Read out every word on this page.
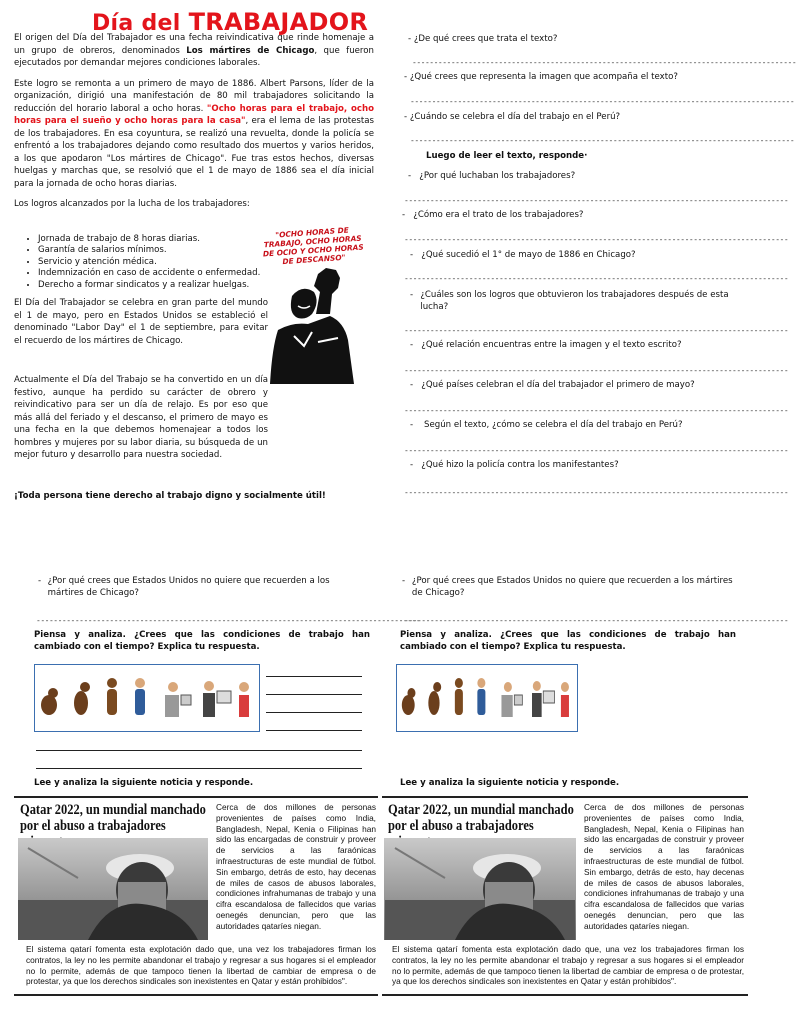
Día del TRABAJADOR

El origen del Día del Trabajador es una fecha reivindicativa que rinde homenaje a un grupo de obreros, denominados Los mártires de Chicago, que fueron ejecutados por demandar mejores condiciones laborales.

Este logro se remonta a un primero de mayo de 1886. Albert Parsons, líder de la organización, dirigió una manifestación de 80 mil trabajadores solicitando la reducción del horario laboral a ocho horas. "Ocho horas para el trabajo, ocho horas para el sueño y ocho horas para la casa", era el lema de las protestas de los trabajadores. En esa coyuntura, se realizó una revuelta, donde la policía se enfrentó a los trabajadores dejando como resultado dos muertos y varios heridos, a los que apodaron "Los mártires de Chicago". Fue tras estos hechos, diversas huelgas y marchas que, se resolvió que el 1 de mayo de 1886 sea el día inicial para la jornada de ocho horas diarias.

Los logros alcanzados por la lucha de los trabajadores:

• Jornada de trabajo de 8 horas diarias.
• Garantía de salarios mínimos.
• Servicio y atención médica.
• Indemnización en caso de accidente o enfermedad.
• Derecho a formar sindicatos y a realizar huelgas.

El Día del Trabajador se celebra en gran parte del mundo el 1 de mayo, pero en Estados Unidos se estableció el denominado "Labor Day" el 1 de septiembre, para evitar el recuerdo de los mártires de Chicago.

Actualmente el Día del Trabajo se ha convertido en un día festivo, aunque ha perdido su carácter de obrero y reivindicativo para ser un día de relajo. Es por eso que más allá del feriado y el descanso, el primero de mayo es una fecha en la que debemos homenajear a todos los hombres y mujeres por su labor diaria, su búsqueda de un mejor futuro y desarrollo para nuestra sociedad.

¡Toda persona tiene derecho al trabajo digno y socialmente útil!

"OCHO HORAS DE TRABAJO, OCHO HORAS DE OCIO Y OCHO HORAS DE DESCANSO"
- ¿De qué crees que trata el texto?
-----------------------------------------------------------------------------------------
- ¿Qué crees que representa la imagen que acompaña el texto?
-----------------------------------------------------------------------------------------
- ¿Cuándo se celebra el día del trabajo en el Perú?
-----------------------------------------------------------------------------------------
Luego de leer el texto, responde·
-   ¿Por qué luchaban los trabajadores?
-----------------------------------------------------------------------------------------
-   ¿Cómo era el trato de los trabajadores?
-----------------------------------------------------------------------------------------
-   ¿Qué sucedió el 1° de mayo de 1886 en Chicago?
-----------------------------------------------------------------------------------------
-
¿Cuáles son los logros que obtuvieron los trabajadores después de esta lucha?
-----------------------------------------------------------------------------------------
-   ¿Qué relación encuentras entre la imagen y el texto escrito?
-----------------------------------------------------------------------------------------
-   ¿Qué países celebran el día del trabajador el primero de mayo?
-----------------------------------------------------------------------------------------
-    Según el texto, ¿cómo se celebra el día del trabajo en Perú?
-----------------------------------------------------------------------------------------
-   ¿Qué hizo la policía contra los manifestantes?
-----------------------------------------------------------------------------------------
-
¿Por qué crees que Estados Unidos no quiere que recuerden a los mártires de Chicago?
-----------------------------------------------------------------------------------------
Piensa y analiza. ¿Crees que las condiciones de trabajo han cambiado con el tiempo? Explica tu respuesta.
Lee y analiza la siguiente noticia y responde.
Qatar 2022, un mundial manchado por el abuso a trabajadores
Cerca de dos millones de personas provenientes de países como India, Bangladesh, Nepal, Kenia o Filipinas han sido las encargadas de construir y proveer de servicios a las faraónicas infraestructuras de este mundial de fútbol. Sin embargo, detrás de esto, hay decenas de miles de casos de abusos laborales, condiciones infrahumanas de trabajo y una cifra escandalosa de fallecidos que varias oenegés denuncian, pero que las autoridades qataríes niegan.
El sistema qatarí fomenta esta explotación dado que, una vez los trabajadores firman los contratos, la ley no les permite abandonar el trabajo y regresar a sus hogares si el empleador no lo permite, además de que tampoco tienen la libertad de cambiar de empresa o de protestar, ya que los derechos sindicales son inexistentes en Qatar y están prohibidos".
-
¿Por qué crees que Estados Unidos no quiere que recuerden a los mártires de Chicago?
-----------------------------------------------------------------------------------------
Piensa y analiza. ¿Crees que las condiciones de trabajo han cambiado con el tiempo? Explica tu respuesta.
Lee y analiza la siguiente noticia y responde.
Qatar 2022, un mundial manchado por el abuso a trabajadores
Cerca de dos millones de personas provenientes de países como India, Bangladesh, Nepal, Kenia o Filipinas han sido las encargadas de construir y proveer de servicios a las faraónicas infraestructuras de este mundial de fútbol. Sin embargo, detrás de esto, hay decenas de miles de casos de abusos laborales, condiciones infrahumanas de trabajo y una cifra escandalosa de fallecidos que varias oenegés denuncian, pero que las autoridades qataríes niegan.
El sistema qatarí fomenta esta explotación dado que, una vez los trabajadores firman los contratos, la ley no les permite abandonar el trabajo y regresar a sus hogares si el empleador no lo permite, además de que tampoco tienen la libertad de cambiar de empresa o de protestar, ya que los derechos sindicales son inexistentes en Qatar y están prohibidos".
